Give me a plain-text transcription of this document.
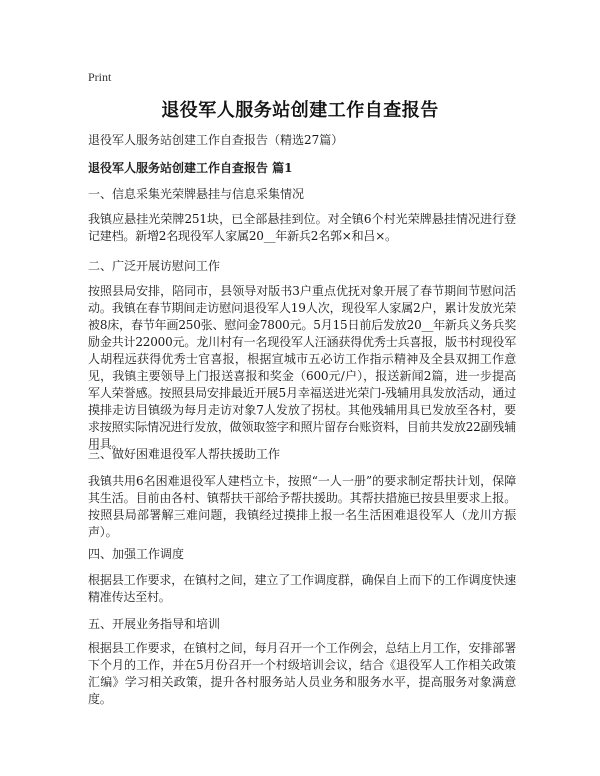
Print
退役军人服务站创建工作自查报告
退役军人服务站创建工作自查报告（精选27篇）
退役军人服务站创建工作自查报告 篇1
一、信息采集光荣牌悬挂与信息采集情况
我镇应悬挂光荣牌251块，已全部悬挂到位。对全镇6个村光荣牌悬挂情况进行登记建档。新增2名现役军人家属20__年新兵2名郭×和吕×。
二、广泛开展访慰问工作
按照县局安排，陪同市，县领导对版书3户重点优抚对象开展了春节期间节慰问活动。我镇在春节期间走访慰问退役军人19人次，现役军人家属2户，累计发放光荣被8床，春节年画250张、慰问金7800元。5月15日前后发放20__年新兵义务兵奖励金共计22000元。龙川村有一名现役军人汪涵获得优秀士兵喜报，版书村现役军人胡程远获得优秀士官喜报，根据宣城市五必访工作指示精神及全县双拥工作意见，我镇主要领导上门报送喜报和奖金（600元/户），报送新闻2篇，进一步提高军人荣誉感。按照县局安排最近开展5月幸福送进光荣门-残辅用具发放活动，通过摸排走访目镇级为每月走访对象7人发放了拐杖。其他残辅用具已发放至各村，要求按照实际情况进行发放，做领取签字和照片留存台账资料，目前共发放22副残辅用具。
三、做好困难退役军人帮扶援助工作
我镇共用6名困难退役军人建档立卡，按照“一人一册”的要求制定帮扶计划，保障其生活。目前由各村、镇帮扶干部给予帮扶援助。其帮扶措施已按县里要求上报。按照县局部署解三难问题，我镇经过摸排上报一名生活困难退役军人（龙川方振声）。
四、加强工作调度
根据县工作要求，在镇村之间，建立了工作调度群，确保自上而下的工作调度快速精准传达至村。
五、开展业务指导和培训
根据县工作要求，在镇村之间，每月召开一个工作例会，总结上月工作，安排部署下个月的工作，并在5月份召开一个村级培训会议，结合《退役军人工作相关政策汇编》学习相关政策，提升各村服务站人员业务和服务水平，提高服务对象满意度。
